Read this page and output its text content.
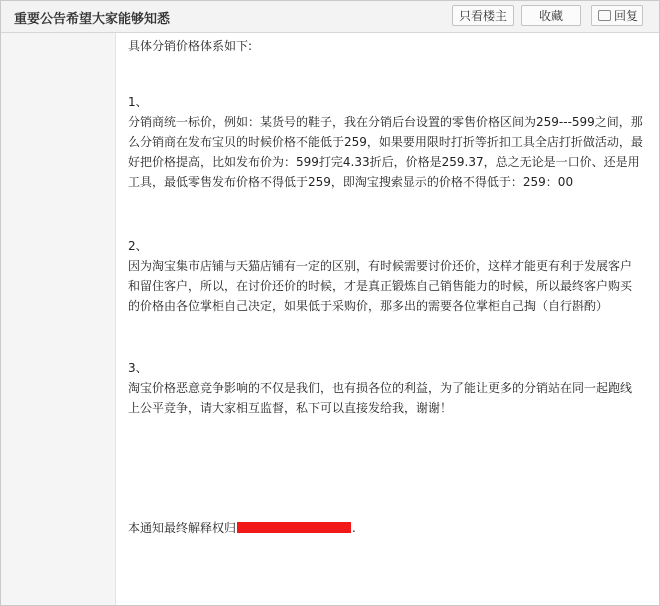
重要公告希望大家能够知悉	只看楼主	收藏	回复

具体分销价格体系如下:

1、

分销商统一标价，例如：某货号的鞋子，我在分销后台设置的零售价格区间为259---599之间，那么分销商在发布宝贝的时候价格不能低于259，如果要用限时打折等折扣工具全店打折做活动，最好把价格提高，比如发布价为：599打完4.33折后，价格是259.37，总之无论是一口价、还是用工具，最低零售发布价格不得低于259，即淘宝搜索显示的价格不得低于：259：00

2、

因为淘宝集市店铺与天猫店铺有一定的区别，有时候需要讨价还价，这样才能更有利于发展客户和留住客户，所以，在讨价还价的时候，才是真正锻炼自己销售能力的时候，所以最终客户购买的价格由各位掌柜自己决定，如果低于采购价，那多出的需要各位掌柜自己掏（自行斟酌）

3、

淘宝价格恶意竞争影响的不仅是我们，也有损各位的利益，为了能让更多的分销站在同一起跑线上公平竞争，请大家相互监督，私下可以直接发给我，谢谢！

本通知最终解释权归	.
